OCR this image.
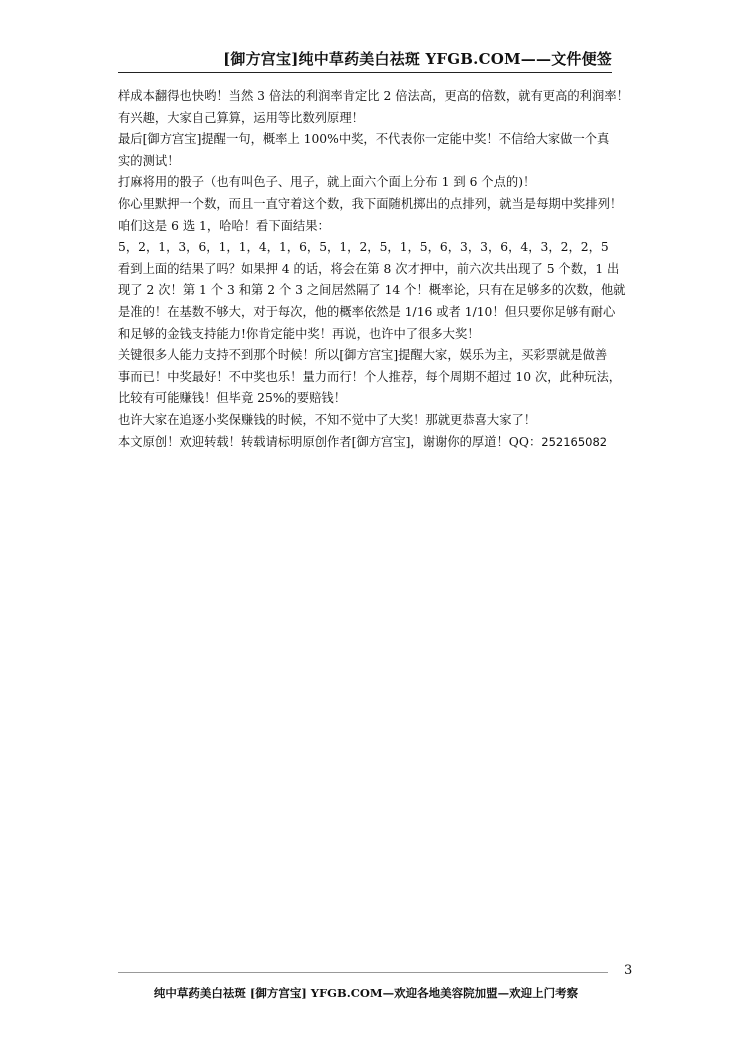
[御方宫宝]纯中草药美白祛斑 YFGB.COM——文件便签

样成本翻得也快哟！当然 3 倍法的利润率肯定比 2 倍法高，更高的倍数，就有更高的利润率！

有兴趣，大家自己算算，运用等比数列原理！

最后[御方宫宝]提醒一句，概率上 100%中奖，不代表你一定能中奖！不信给大家做一个真

实的测试！

打麻将用的骰子（也有叫色子、甩子，就上面六个面上分布 1 到 6 个点的)！

你心里默押一个数，而且一直守着这个数，我下面随机掷出的点排列，就当是每期中奖排列！

咱们这是 6 选 1，哈哈！看下面结果：

5，2，1，3，6，1，1，4，1，6，5，1，2，5，1，5，6，3，3，6，4，3，2，2，5

看到上面的结果了吗？如果押 4 的话，将会在第 8 次才押中，前六次共出现了 5 个数，1 出

现了 2 次！第 1 个 3 和第 2 个 3 之间居然隔了 14 个！概率论，只有在足够多的次数，他就

是准的！在基数不够大，对于每次，他的概率依然是 1/16 或者 1/10！但只要你足够有耐心

和足够的金钱支持能力!你肯定能中奖！再说，也许中了很多大奖！

关键很多人能力支持不到那个时候！所以[御方宫宝]提醒大家，娱乐为主，买彩票就是做善

事而已！中奖最好！不中奖也乐！量力而行！个人推荐，每个周期不超过 10 次，此种玩法，

比较有可能赚钱！但毕竟 25%的要赔钱！

也许大家在追逐小奖保赚钱的时候，不知不觉中了大奖！那就更恭喜大家了！

本文原创！欢迎转载！转载请标明原创作者[御方宫宝]，谢谢你的厚道！QQ：252165082

3
纯中草药美白祛斑 [御方宫宝] YFGB.COM—欢迎各地美容院加盟—欢迎上门考察
